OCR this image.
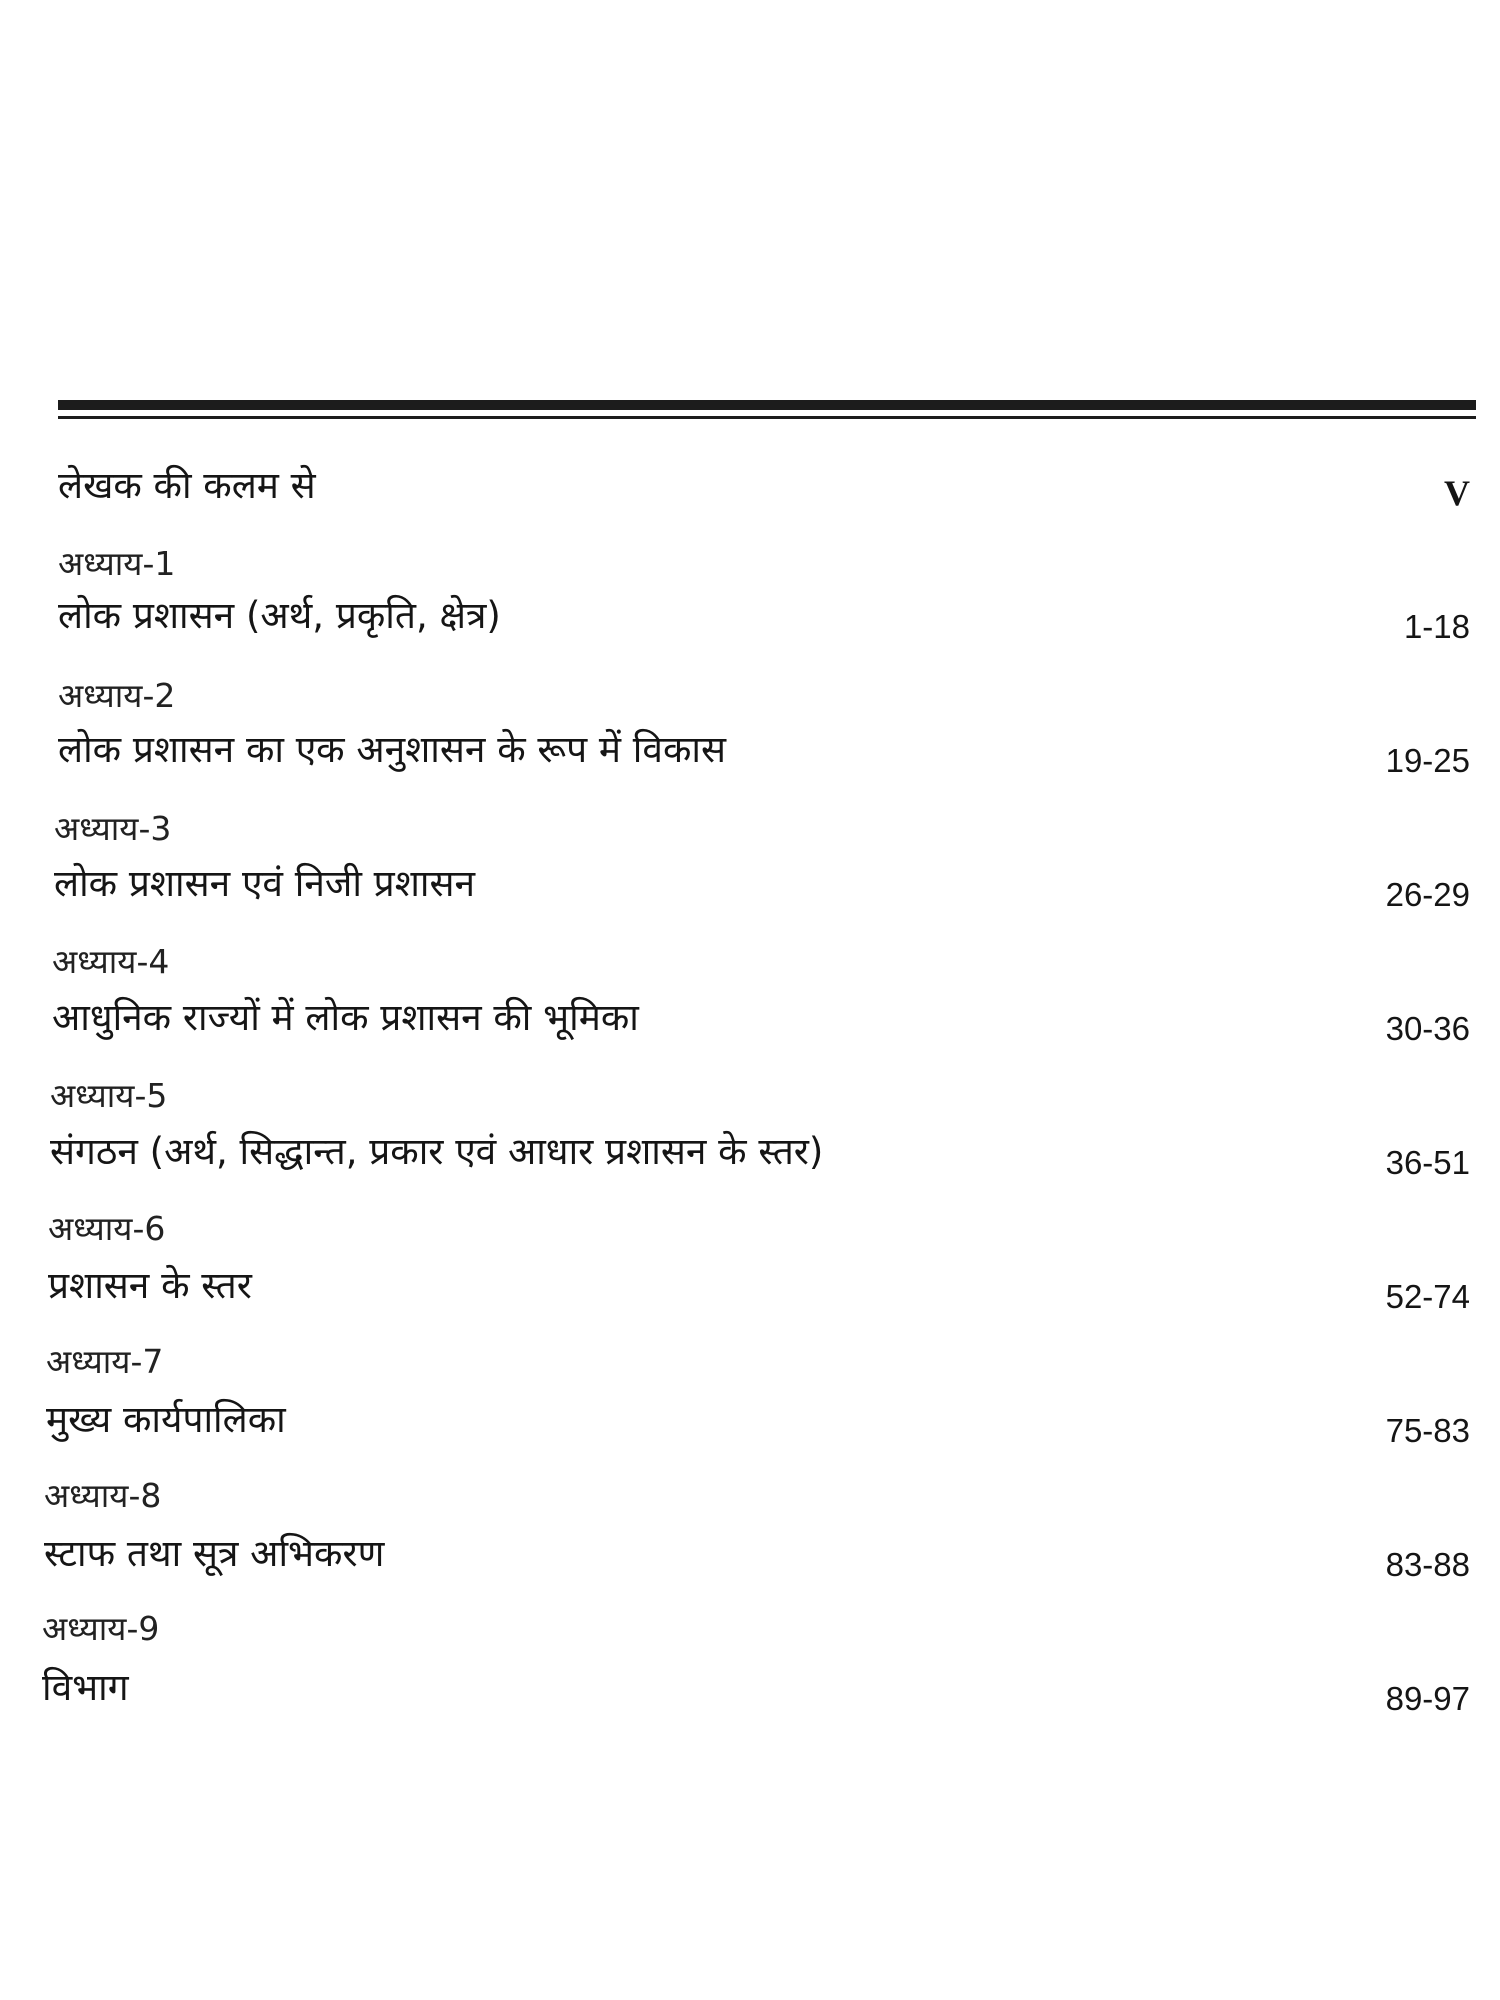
लेखक की कलम से	V
अध्याय-1
लोक प्रशासन (अर्थ, प्रकृति, क्षेत्र)	1-18
अध्याय-2
लोक प्रशासन का एक अनुशासन के रूप में विकास	19-25
अध्याय-3
लोक प्रशासन एवं निजी प्रशासन	26-29
अध्याय-4
आधुनिक राज्यों में लोक प्रशासन की भूमिका	30-36
अध्याय-5
संगठन (अर्थ, सिद्धान्त, प्रकार एवं आधार प्रशासन के स्तर)	36-51
अध्याय-6
प्रशासन के स्तर	52-74
अध्याय-7
मुख्य कार्यपालिका	75-83
अध्याय-8
स्टाफ तथा सूत्र अभिकरण	83-88
अध्याय-9
विभाग	89-97
